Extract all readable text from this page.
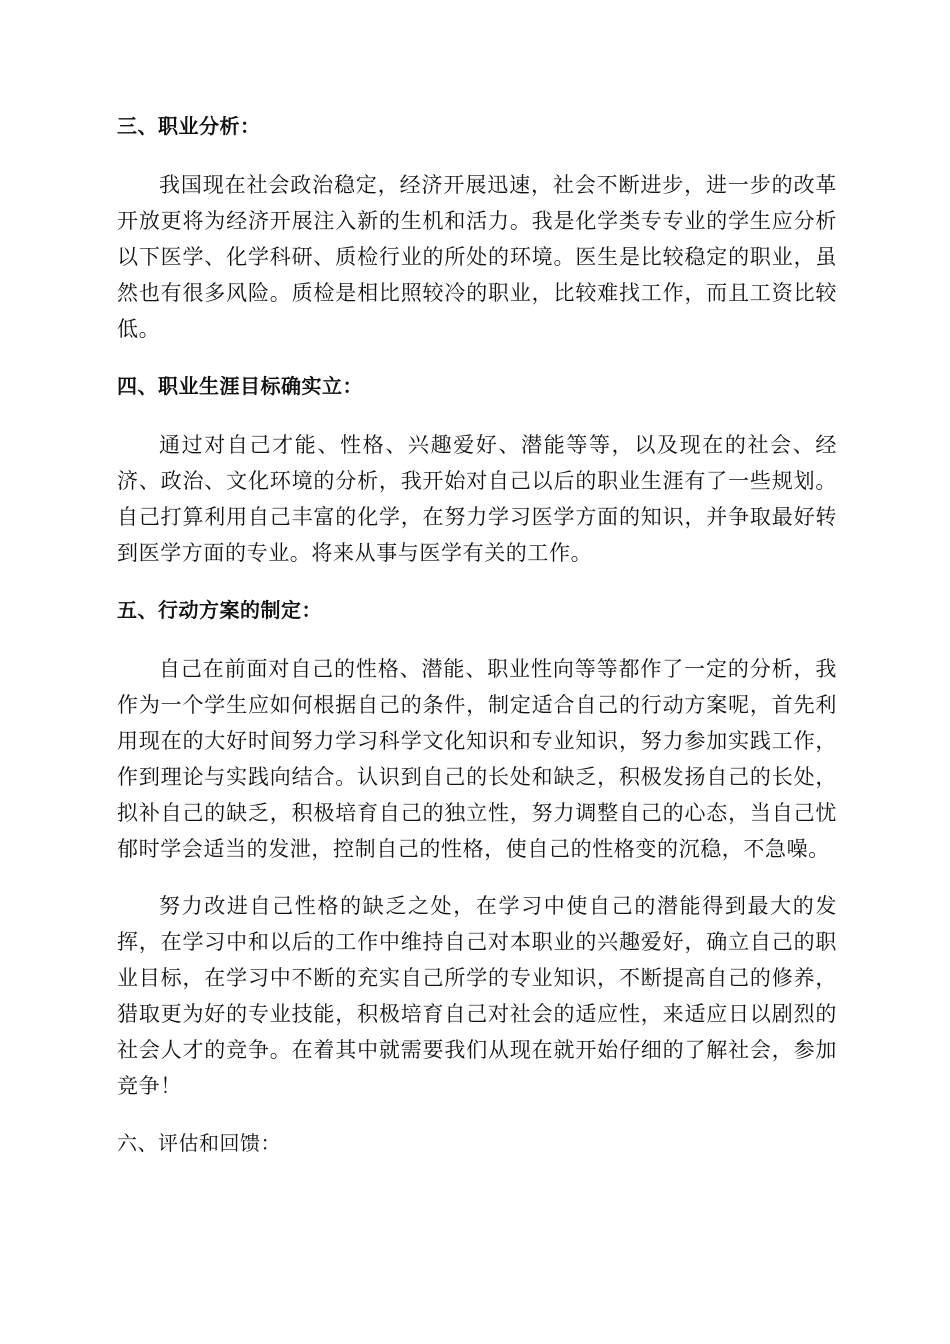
三、职业分析：

我国现在社会政治稳定，经济开展迅速，社会不断进步，进一步的改革开放更将为经济开展注入新的生机和活力。我是化学类专专业的学生应分析以下医学、化学科研、质检行业的所处的环境。医生是比较稳定的职业，虽然也有很多风险。质检是相比照较冷的职业，比较难找工作，而且工资比较低。

四、职业生涯目标确实立：

通过对自己才能、性格、兴趣爱好、潜能等等，以及现在的社会、经济、政治、文化环境的分析，我开始对自己以后的职业生涯有了一些规划。自己打算利用自己丰富的化学，在努力学习医学方面的知识，并争取最好转到医学方面的专业。将来从事与医学有关的工作。

五、行动方案的制定：

自己在前面对自己的性格、潜能、职业性向等等都作了一定的分析，我作为一个学生应如何根据自己的条件，制定适合自己的行动方案呢，首先利用现在的大好时间努力学习科学文化知识和专业知识，努力参加实践工作，作到理论与实践向结合。认识到自己的长处和缺乏，积极发扬自己的长处，拟补自己的缺乏，积极培育自己的独立性，努力调整自己的心态，当自己忧郁时学会适当的发泄，控制自己的性格，使自己的性格变的沉稳，不急噪。

努力改进自己性格的缺乏之处，在学习中使自己的潜能得到最大的发挥，在学习中和以后的工作中维持自己对本职业的兴趣爱好，确立自己的职业目标，在学习中不断的充实自己所学的专业知识，不断提高自己的修养，猎取更为好的专业技能，积极培育自己对社会的适应性，来适应日以剧烈的社会人才的竞争。在着其中就需要我们从现在就开始仔细的了解社会，参加竞争！

六、评估和回馈：
